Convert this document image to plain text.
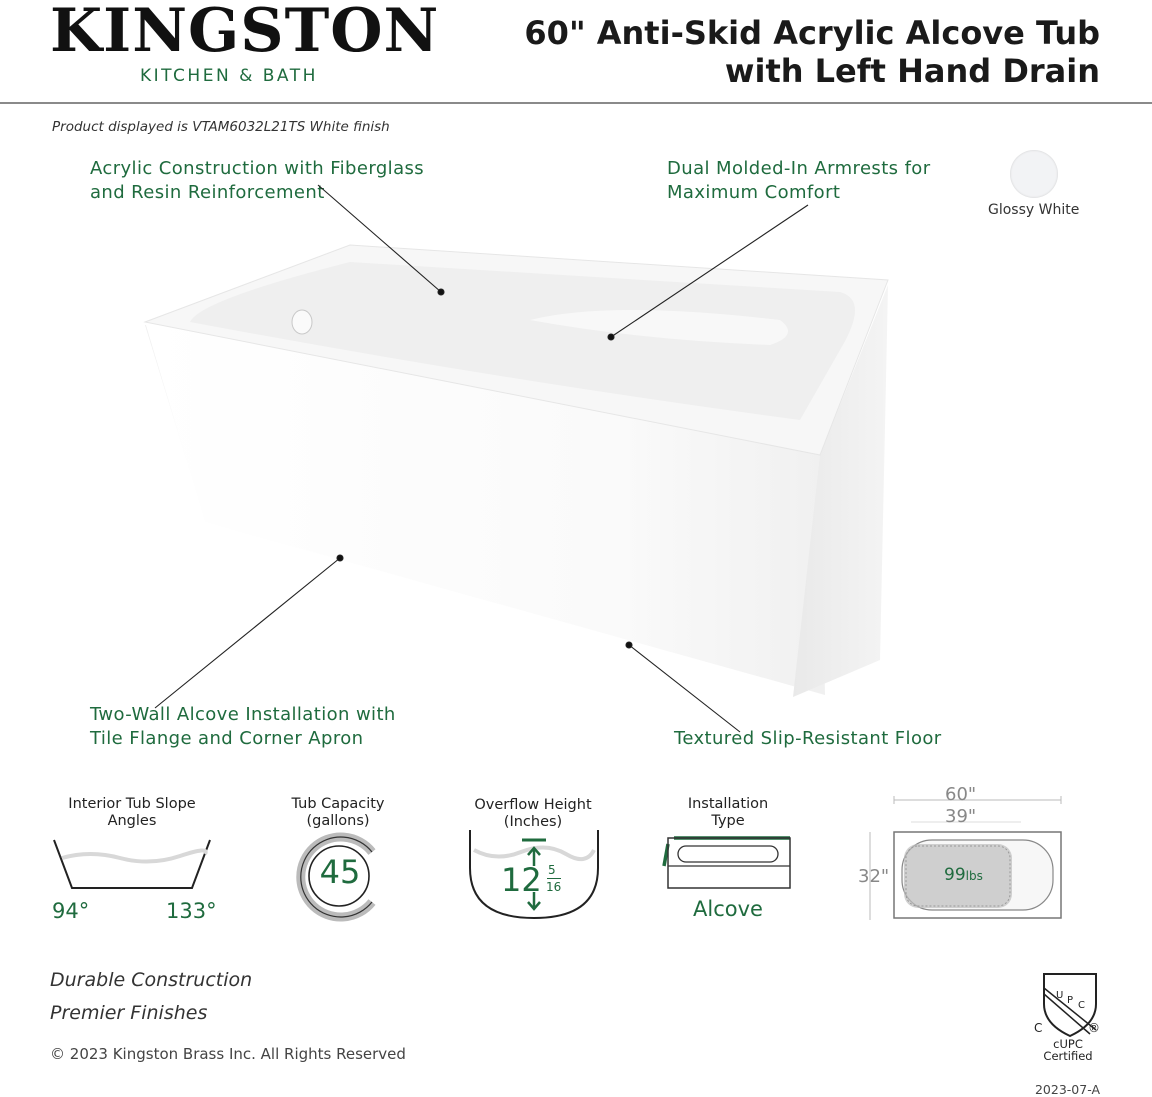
KINGSTON
KITCHEN & BATH
60" Anti-Skid Acrylic Alcove Tub
with Left Hand Drain
Product displayed is VTAM6032L21TS White finish
Glossy White
Acrylic Construction with Fiberglass
and Resin Reinforcement
Dual Molded-In Armrests for
Maximum Comfort
Two-Wall Alcove Installation with
Tile Flange and Corner Apron	Textured Slip-Resistant Floor
Interior Tub Slope
Angles
94°	133°
Tub Capacity
(gallons)
45
Overflow Height
(Inches)
12 5
16
Installation
Type
Alcove
60"
39"
32"	99lbs
Durable Construction
Premier Finishes
© 2023 Kingston Brass Inc. All Rights Reserved
U P C
C	®
cUPC
Certified
2023-07-A
